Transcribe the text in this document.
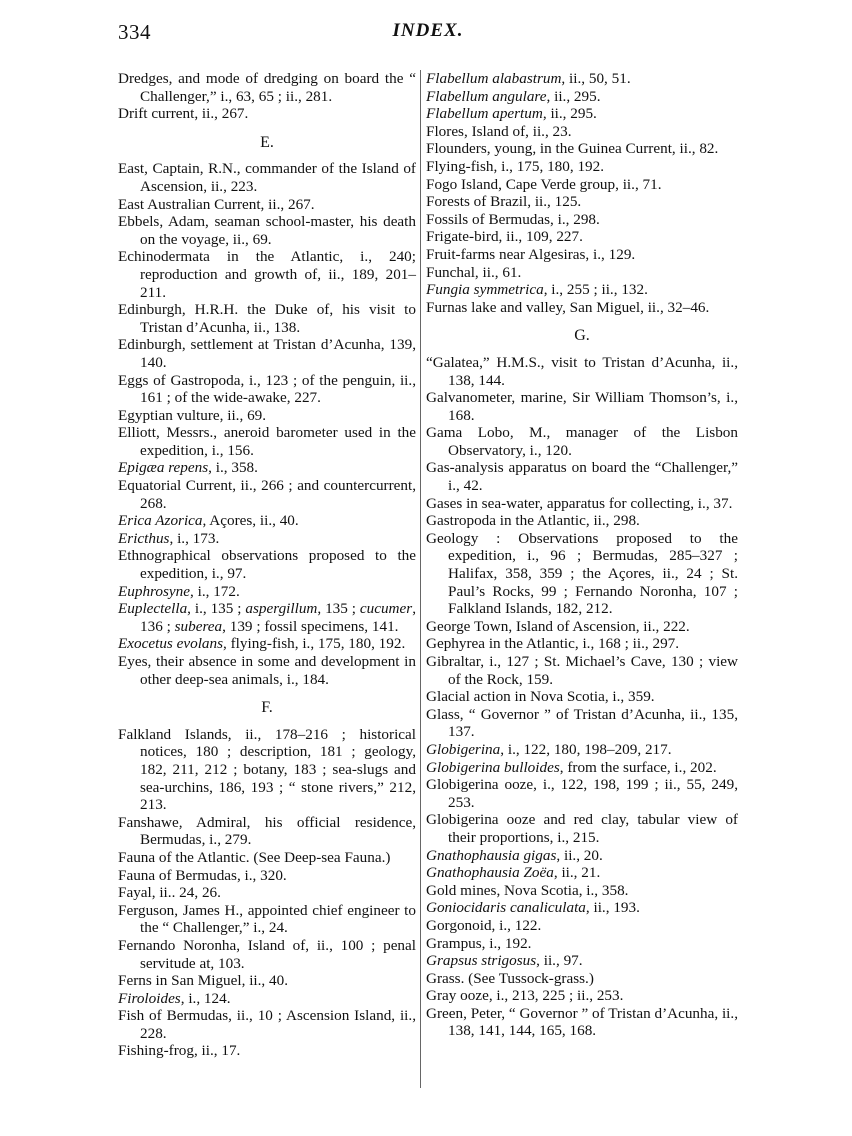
334	INDEX.

Dredges, and mode of dredging on board the “ Challenger,” i., 63, 65 ; ii., 281.

Drift current, ii., 267.

E.

East, Captain, R.N., commander of the Island of Ascension, ii., 223.

East Australian Current, ii., 267.

Ebbels, Adam, seaman school-master, his death on the voyage, ii., 69.

Echinodermata in the Atlantic, i., 240; reproduction and growth of, ii., 189, 201–211.

Edinburgh, H.R.H. the Duke of, his visit to Tristan d’Acunha, ii., 138.

Edinburgh, settlement at Tristan d’Acunha, 139, 140.

Eggs of Gastropoda, i., 123 ; of the penguin, ii., 161 ; of the wide-awake, 227.

Egyptian vulture, ii., 69.

Elliott, Messrs., aneroid barometer used in the expedition, i., 156.

Epigæa repens, i., 358.

Equatorial Current, ii., 266 ; and countercurrent, 268.

Erica Azorica, Açores, ii., 40.

Ericthus, i., 173.

Ethnographical observations proposed to the expedition, i., 97.

Euphrosyne, i., 172.

Euplectella, i., 135 ; aspergillum, 135 ; cucumer, 136 ; suberea, 139 ; fossil specimens, 141.

Exocetus evolans, flying-fish, i., 175, 180, 192.

Eyes, their absence in some and development in other deep-sea animals, i., 184.

F.

Falkland Islands, ii., 178–216 ; historical notices, 180 ; description, 181 ; geology, 182, 211, 212 ; botany, 183 ; sea-slugs and sea-urchins, 186, 193 ; “ stone rivers,” 212, 213.

Fanshawe, Admiral, his official residence, Bermudas, i., 279.

Fauna of the Atlantic. (See Deep-sea Fauna.)

Fauna of Bermudas, i., 320.

Fayal, ii.. 24, 26.

Ferguson, James H., appointed chief engineer to the “ Challenger,” i., 24.

Fernando Noronha, Island of, ii., 100 ; penal servitude at, 103.

Ferns in San Miguel, ii., 40.

Firoloides, i., 124.

Fish of Bermudas, ii., 10 ; Ascension Island, ii., 228.

Fishing-frog, ii., 17.

Flabellum alabastrum, ii., 50, 51.

Flabellum angulare, ii., 295.

Flabellum apertum, ii., 295.

Flores, Island of, ii., 23.

Flounders, young, in the Guinea Current, ii., 82.

Flying-fish, i., 175, 180, 192.

Fogo Island, Cape Verde group, ii., 71.

Forests of Brazil, ii., 125.

Fossils of Bermudas, i., 298.

Frigate-bird, ii., 109, 227.

Fruit-farms near Algesiras, i., 129.

Funchal, ii., 61.

Fungia symmetrica, i., 255 ; ii., 132.

Furnas lake and valley, San Miguel, ii., 32–46.

G.

“Galatea,” H.M.S., visit to Tristan d’Acunha, ii., 138, 144.

Galvanometer, marine, Sir William Thomson’s, i., 168.

Gama Lobo, M., manager of the Lisbon Observatory, i., 120.

Gas-analysis apparatus on board the “Challenger,” i., 42.

Gases in sea-water, apparatus for collecting, i., 37.

Gastropoda in the Atlantic, ii., 298.

Geology : Observations proposed to the expedition, i., 96 ; Bermudas, 285–327 ; Halifax, 358, 359 ; the Açores, ii., 24 ; St. Paul’s Rocks, 99 ; Fernando Noronha, 107 ; Falkland Islands, 182, 212.

George Town, Island of Ascension, ii., 222.

Gephyrea in the Atlantic, i., 168 ; ii., 297.

Gibraltar, i., 127 ; St. Michael’s Cave, 130 ; view of the Rock, 159.

Glacial action in Nova Scotia, i., 359.

Glass, “ Governor ” of Tristan d’Acunha, ii., 135, 137.

Globigerina, i., 122, 180, 198–209, 217.

Globigerina bulloides, from the surface, i., 202.

Globigerina ooze, i., 122, 198, 199 ; ii., 55, 249, 253.

Globigerina ooze and red clay, tabular view of their proportions, i., 215.

Gnathophausia gigas, ii., 20.

Gnathophausia Zoëa, ii., 21.

Gold mines, Nova Scotia, i., 358.

Goniocidaris canaliculata, ii., 193.

Gorgonoid, i., 122.

Grampus, i., 192.

Grapsus strigosus, ii., 97.

Grass. (See Tussock-grass.)

Gray ooze, i., 213, 225 ; ii., 253.

Green, Peter, “ Governor ” of Tristan d’Acunha, ii., 138, 141, 144, 165, 168.
